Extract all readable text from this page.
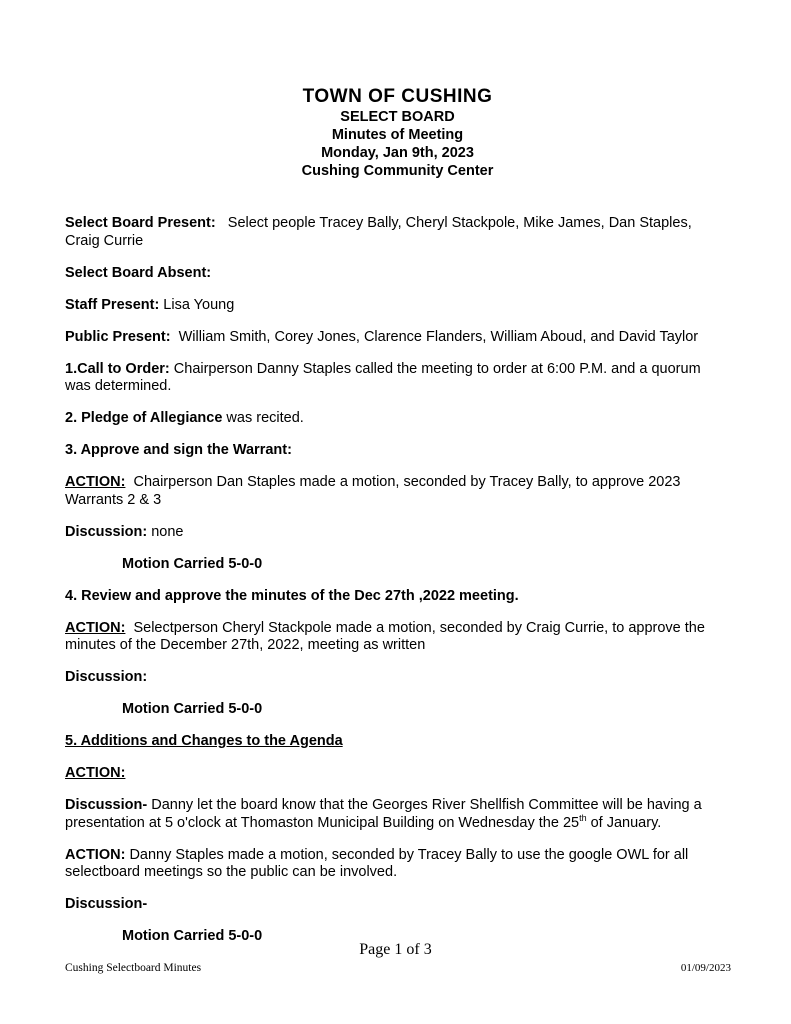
TOWN OF CUSHING
SELECT BOARD
Minutes of Meeting
Monday, Jan 9th, 2023
Cushing Community Center

Select Board Present:   Select people Tracey Bally, Cheryl Stackpole, Mike James, Dan Staples, Craig Currie

Select Board Absent:

Staff Present: Lisa Young

Public Present:  William Smith, Corey Jones, Clarence Flanders, William Aboud, and David Taylor

1.Call to Order: Chairperson Danny Staples called the meeting to order at 6:00 P.M. and a quorum was determined.

2. Pledge of Allegiance was recited.

3. Approve and sign the Warrant:

ACTION:  Chairperson Dan Staples made a motion, seconded by Tracey Bally, to approve 2023 Warrants 2 & 3

Discussion: none

Motion Carried 5-0-0

4. Review and approve the minutes of the Dec 27th ,2022 meeting.

ACTION:  Selectperson Cheryl Stackpole made a motion, seconded by Craig Currie, to approve the minutes of the December 27th, 2022, meeting as written

Discussion:

Motion Carried 5-0-0

5. Additions and Changes to the Agenda

ACTION:

Discussion- Danny let the board know that the Georges River Shellfish Committee will be having a presentation at 5 o'clock at Thomaston Municipal Building on Wednesday the 25th of January.

ACTION: Danny Staples made a motion, seconded by Tracey Bally to use the google OWL for all selectboard meetings so the public can be involved.

Discussion-

Motion Carried 5-0-0

Page 1 of 3
Cushing Selectboard Minutes	01/09/2023
